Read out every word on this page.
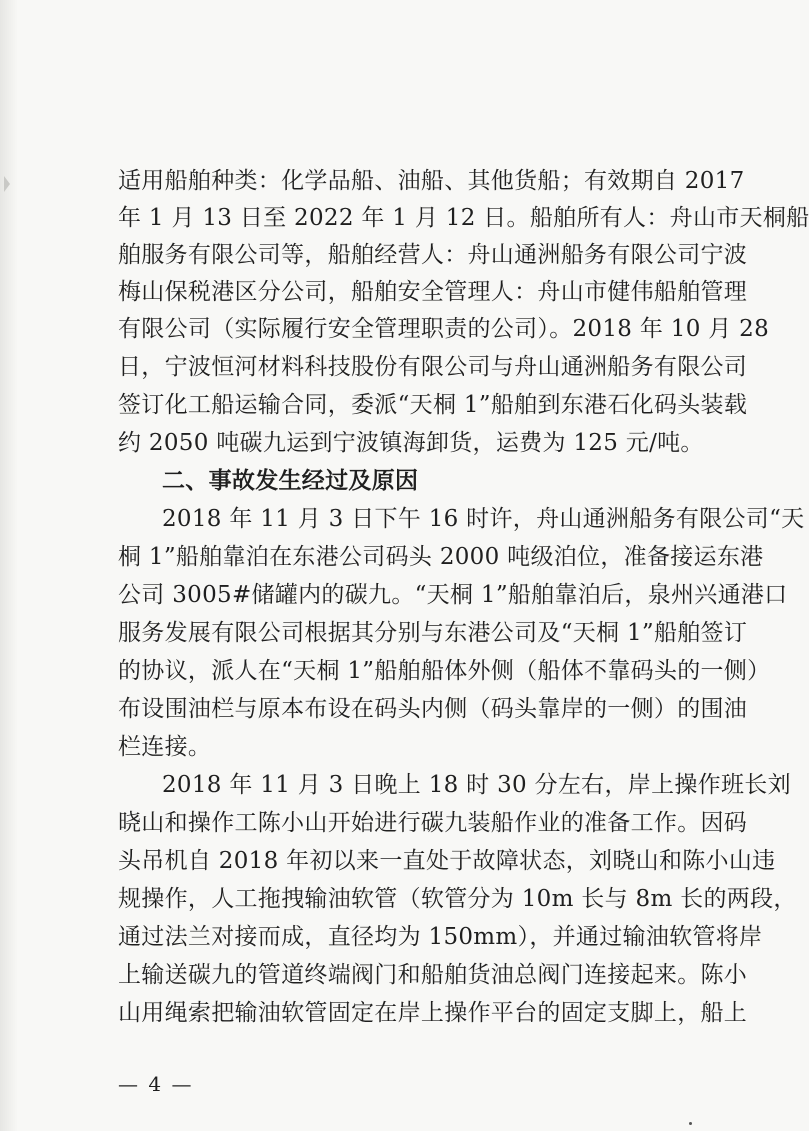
适用船舶种类：化学品船、油船、其他货船；有效期自 2017
年 1 月 13 日至 2022 年 1 月 12 日。船舶所有人：舟山市天桐船
舶服务有限公司等，船舶经营人：舟山通洲船务有限公司宁波
梅山保税港区分公司，船舶安全管理人：舟山市健伟船舶管理
有限公司（实际履行安全管理职责的公司）。2018 年 10 月 28
日，宁波恒河材料科技股份有限公司与舟山通洲船务有限公司
签订化工船运输合同，委派“天桐 1”船舶到东港石化码头装载
约 2050 吨碳九运到宁波镇海卸货，运费为 125 元/吨。
二、事故发生经过及原因
2018 年 11 月 3 日下午 16 时许，舟山通洲船务有限公司“天
桐 1”船舶靠泊在东港公司码头 2000 吨级泊位，准备接运东港
公司 3005#储罐内的碳九。“天桐 1”船舶靠泊后，泉州兴通港口
服务发展有限公司根据其分别与东港公司及“天桐 1”船舶签订
的协议，派人在“天桐 1”船舶船体外侧（船体不靠码头的一侧）
布设围油栏与原本布设在码头内侧（码头靠岸的一侧）的围油
栏连接。
2018 年 11 月 3 日晚上 18 时 30 分左右，岸上操作班长刘
晓山和操作工陈小山开始进行碳九装船作业的准备工作。因码
头吊机自 2018 年初以来一直处于故障状态，刘晓山和陈小山违
规操作，人工拖拽输油软管（软管分为 10m 长与 8m 长的两段，
通过法兰对接而成，直径均为 150mm），并通过输油软管将岸
上输送碳九的管道终端阀门和船舶货油总阀门连接起来。陈小
山用绳索把输油软管固定在岸上操作平台的固定支脚上，船上
— 4 —
